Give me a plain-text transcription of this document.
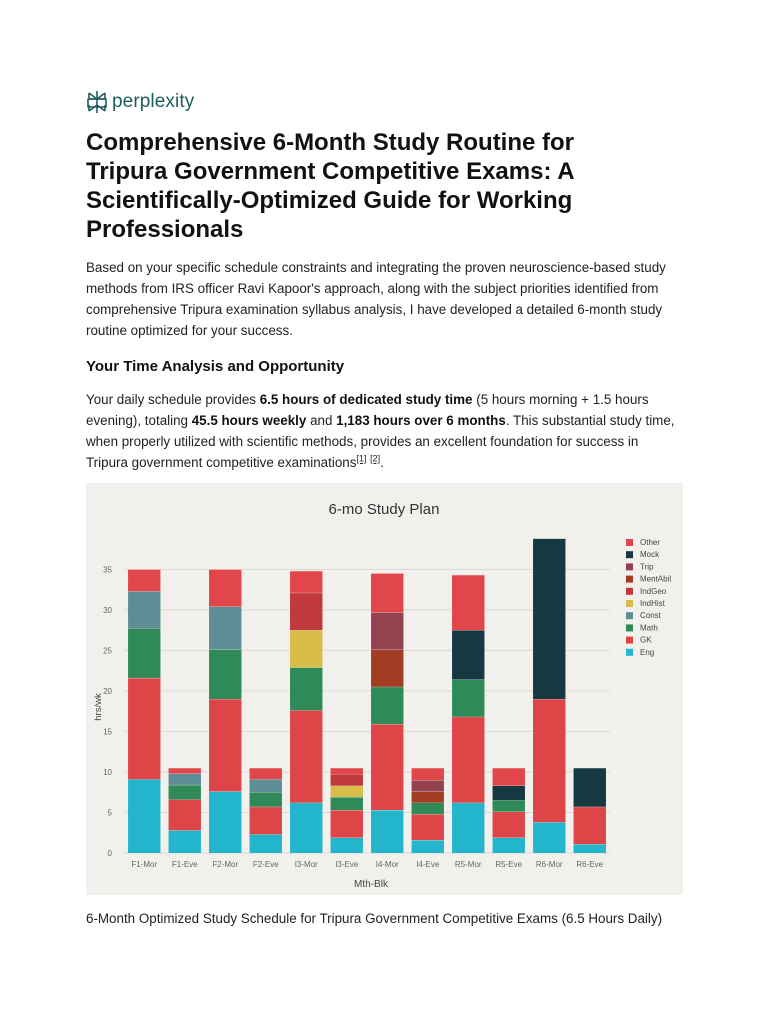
perplexity
Comprehensive 6-Month Study Routine for Tripura Government Competitive Exams: A Scientifically-Optimized Guide for Working Professionals

Based on your specific schedule constraints and integrating the proven neuroscience-based study methods from IRS officer Ravi Kapoor's approach, along with the subject priorities identified from comprehensive Tripura examination syllabus analysis, I have developed a detailed 6-month study routine optimized for your success.

Your Time Analysis and Opportunity

Your daily schedule provides 6.5 hours of dedicated study time (5 hours morning + 1.5 hours evening), totaling 45.5 hours weekly and 1,183 hours over 6 months. This substantial study time, when properly utilized with scientific methods, provides an excellent foundation for success in Tripura government competitive examinations[1] [2].

6-Month Optimized Study Schedule for Tripura Government Competitive Exams (6.5 Hours Daily)

6-mo Study Plan
Mth-Blk
hrs/wk
0
5
10
15
20
25
30
35
F1-Mor F1-Eve F2-Mor F2-Eve I3-Mor I3-Eve I4-Mor I4-Eve R5-Mor R5-Eve R6-Mor R6-Eve
Other
Mock
Trip
MentAbil
IndGeo
IndHist
Const
Math
GK
Eng
